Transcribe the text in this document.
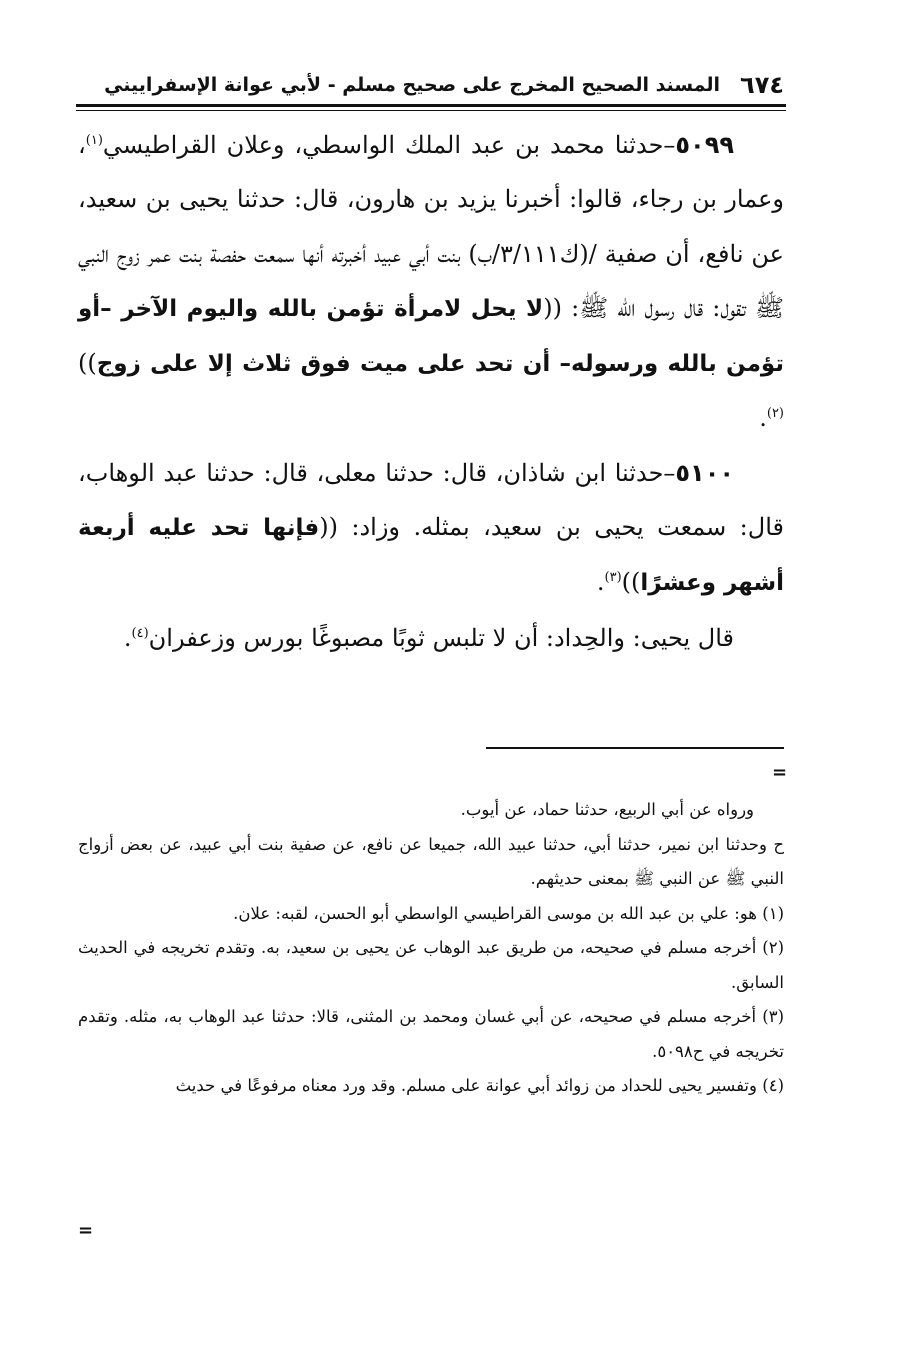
٦٧٤
المسند الصحيح المخرج على صحيح مسلم - لأبي عوانة الإسفراييني

٥٠٩٩–حدثنا محمد بن عبد الملك الواسطي، وعلان القراطيسي$^{(١)}$، وعمار بن رجاء، قالوا: أخبرنا يزيد بن هارون، قال: حدثنا يحيى بن سعيد، عن نافع، أن صفية /(ك٣/١١١/ب) بنت أبي عبيد أخبرته أنها سمعت حفصة بنت عمر زوج النبي ﷺ تقول: قال رسول الله ﷺ: ((لا يحل لامرأة تؤمن بالله واليوم الآخر –أو تؤمن بالله ورسوله– أن تحد على ميت فوق ثلاث إلا على زوج))$^{(٢)}$.

٥١٠٠–حدثنا ابن شاذان، قال: حدثنا معلى، قال: حدثنا عبد الوهاب، قال: سمعت يحيى بن سعيد، بمثله. وزاد: ((فإنها تحد عليه أربعة أشهر وعشرًا))$^{(٣)}$.

قال يحيى: والحِداد: أن لا تلبس ثوبًا مصبوغًا بورس وزعفران$^{(٤)}$.

=

ورواه عن أبي الربيع، حدثنا حماد، عن أيوب.

ح وحدثنا ابن نمير، حدثنا أبي، حدثنا عبيد الله، جميعا عن نافع، عن صفية بنت أبي عبيد، عن بعض أزواج النبي ﷺ عن النبي ﷺ بمعنى حديثهم.

(١) هو: علي بن عبد الله بن موسى القراطيسي الواسطي أبو الحسن، لقبه: علان.

(٢) أخرجه مسلم في صحيحه، من طريق عبد الوهاب عن يحيى بن سعيد، به. وتقدم تخريجه في الحديث السابق.

(٣) أخرجه مسلم في صحيحه، عن أبي غسان ومحمد بن المثنى، قالا: حدثنا عبد الوهاب به، مثله. وتقدم تخريجه في ح٥٠٩٨.

(٤) وتفسير يحيى للحداد من زوائد أبي عوانة على مسلم. وقد ورد معناه مرفوعًا في حديث

=
